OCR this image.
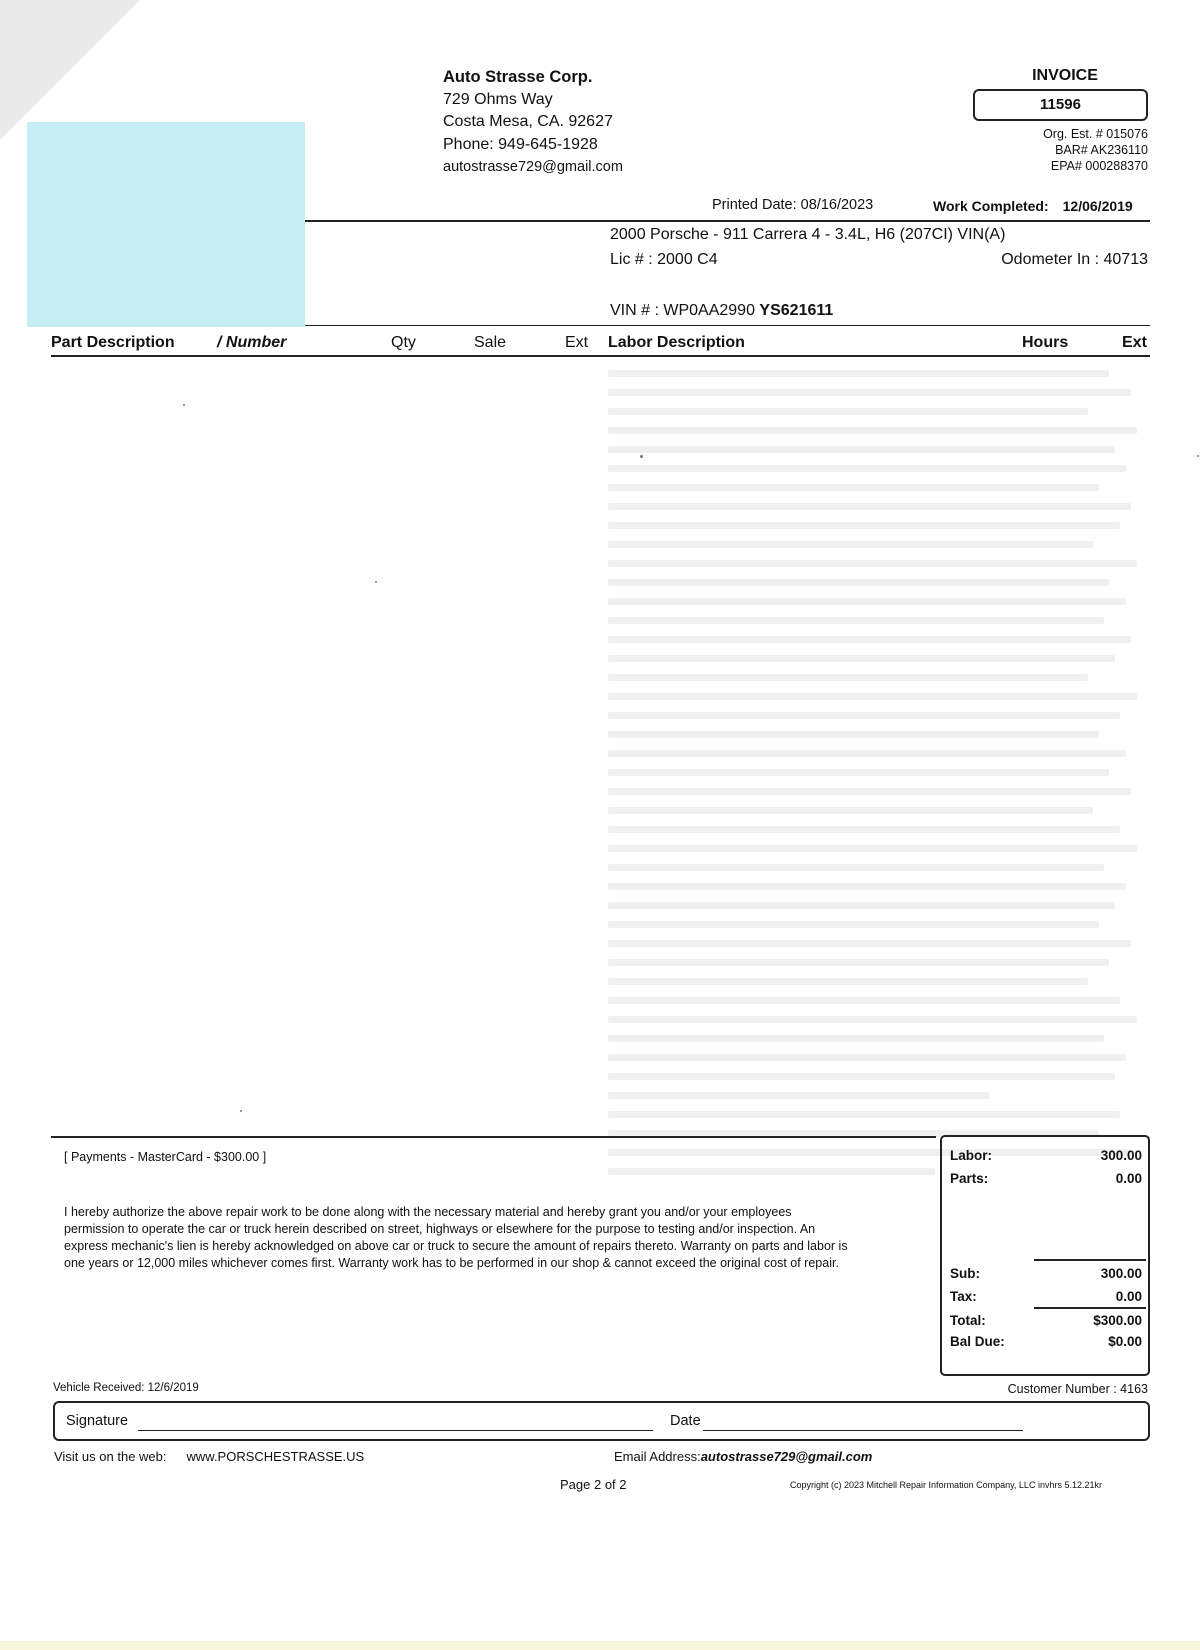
Auto Strasse Corp.
729 Ohms Way
Costa Mesa, CA. 92627
Phone: 949-645-1928
autostrasse729@gmail.com
INVOICE
11596
Org. Est. # 015076
BAR# AK236110
EPA# 000288370
Printed Date: 08/16/2023	Work Completed: 12/06/2019
2000 Porsche - 911 Carrera 4 - 3.4L, H6 (207CI) VIN(A)
Lic # : 2000 C4	Odometer In : 40713
VIN # : WP0AA2990 YS621611
Part Description	/ Number	Qty	Sale	Ext Labor Description	Hours	Ext
[ Payments - MasterCard - $300.00 ]
I hereby authorize the above repair work to be done along with the necessary material and hereby grant you and/or your employees permission to operate the car or truck herein described on street, highways or elsewhere for the purpose to testing and/or inspection. An express mechanic's lien is hereby acknowledged on above car or truck to secure the amount of repairs thereto. Warranty on parts and labor is one years or 12,000 miles whichever comes first. Warranty work has to be performed in our shop & cannot exceed the original cost of repair.
Labor:	300.00
Parts:	0.00
Sub:	300.00
Tax:	0.00
Total:	$300.00
Bal Due:	$0.00
Vehicle Received: 12/6/2019	Customer Number : 4163
Signature	Date
Visit us on the web: www.PORSCHESTRASSE.US	Email Address:autostrasse729@gmail.com
Page 2 of 2	Copyright (c) 2023 Mitchell Repair Information Company, LLC invhrs 5.12.21kr
